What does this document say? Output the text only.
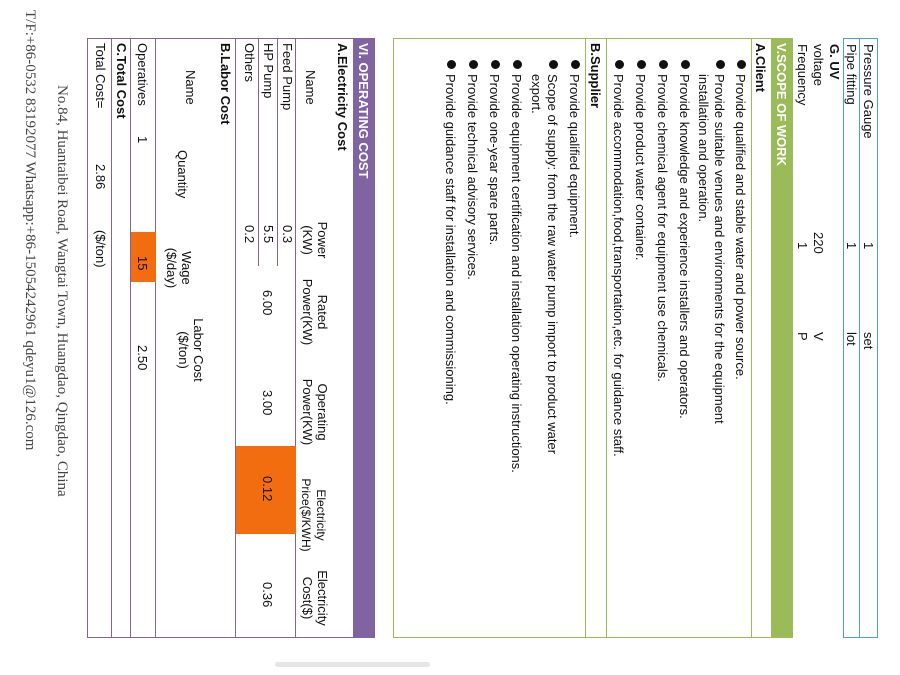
Pressure Gauge
1
set
Pipe fitting
1
lot
G. UV
voltage
220
V
Frequency
1
P
V.SCOPE OF WORK
A.Client
Provide qualified and stable water and power source.
Provide suitable venues and environments for the equipment
installation and operation.
Provide knowledge and experience installers and operators.
Provide chemical agent for equipment use chemicals.
Provide product water container.
Provide accommodation,food,transportation,etc. for guidance staff.
B.Supplier
Provide qualified equipment.
Scope of supply: from the raw water pump import to product water
export.
Provide equipment certification and installation operating instructions.
Provide one-year spare parts.
Provide technical advisory services.
Provide guidance staff for installation and commissioning.
VI. OPERATING COST
A.Electricity Cost
Name
Power
(KW)
Rated
Power(KW)
Operating
Power(KW)
Electricity
Price($/KWH)
Electricity
Cost($)
Feed Pump
0.3
HP Pump
5.5
6.00
3.00
0.12
0.36
Others
0.2
B.Labor Cost
Name
Quantity
Wage
($/day)
Labor Cost
($/ton)
Operatives
1
15
2.50
C.Total Cost
Total Cost=
2.86
($/ton)
No.84, Huantaibei Road, Wangtai Town, Huangdao, Qingdao, China
T/F:+86-0532 83192077 Whatsapp:+86-15054242961 qdeyu1@126.com
